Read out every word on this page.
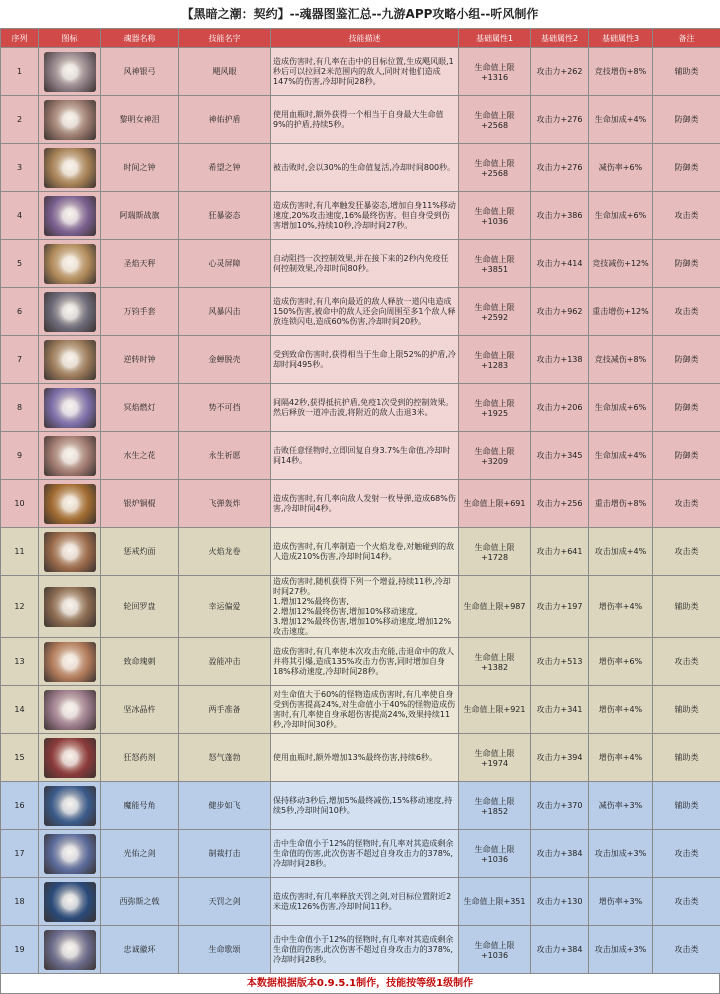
【黑暗之潮：契约】--魂器图鉴汇总--九游APP攻略小组--听风制作
序列	图标	魂器名称	技能名字	技能描述	基础属性1	基础属性2	基础属性3	备注
1		风神银弓	飓风眼	造成伤害时,有几率在击中的目标位置,生成飓风眼,1秒后可以拉回2米范围内的敌人,同时对他们造成147%的伤害,冷却时间28秒。	生命值上限+1316	攻击力+262	竞技增伤+8%	辅助类
2		黎明女神泪	神佑护盾	使用血瓶时,额外获得一个相当于自身最大生命值9%的护盾,持续5秒。	生命值上限+2568	攻击力+276	生命加成+4%	防御类
3		时间之钟	希望之钟	被击败时,会以30%的生命值复活,冷却时间800秒。	生命值上限+2568	攻击力+276	减伤率+6%	防御类
4		阿瑞斯战旗	狂暴姿态	造成伤害时,有几率触发狂暴姿态,增加自身11%移动速度,20%攻击速度,16%最终伤害。但自身受到伤害增加10%,持续10秒,冷却时间27秒。	生命值上限+1036	攻击力+386	生命加成+6%	攻击类
5		圣焰天秤	心灵屏障	自动阻挡一次控制效果,并在接下来的2秒内免疫任何控制效果,冷却时间80秒。	生命值上限+3851	攻击力+414	竞技减伤+12%	防御类
6		万钧手套	风暴闪击	造成伤害时,有几率向最近的敌人释放一道闪电造成150%伤害,被命中的敌人还会向周围至多1个敌人释放连锁闪电,造成60%伤害,冷却时间20秒。	生命值上限+2592	攻击力+962	重击增伤+12%	攻击类
7		逆转时钟	金蝉脱壳	受到致命伤害时,获得相当于生命上限52%的护盾,冷却时间495秒。	生命值上限+1283	攻击力+138	竞技减伤+8%	防御类
8		冥焰燃灯	势不可挡	间隔42秒,获得抵抗护盾,免疫1次受到的控制效果。然后释放一道冲击波,将附近的敌人击退3米。	生命值上限+1925	攻击力+206	生命加成+6%	防御类
9		水生之花	永生祈愿	击败任意怪物时,立即回复自身3.7%生命值,冷却时间14秒。	生命值上限+3209	攻击力+345	生命加成+4%	防御类
10		银炉铜棍	飞弹轰炸	造成伤害时,有几率向敌人发射一枚导弹,造成68%伤害,冷却时间4秒。	生命值上限+691	攻击力+256	重击增伤+8%	攻击类
11		惩戒灼面	火焰龙卷	造成伤害时,有几率制造一个火焰龙卷,对触碰到的敌人造成210%伤害,冷却时间14秒。	生命值上限+1728	攻击力+641	攻击加成+4%	攻击类
12		轮回罗盘	幸运偏爱	造成伤害时,随机获得下列一个增益,持续11秒,冷却时间27秒。
1.增加12%最终伤害,
2.增加12%最终伤害,增加10%移动速度,
3.增加12%最终伤害,增加10%移动速度,增加12%攻击速度。	生命值上限+987	攻击力+197	增伤率+4%	辅助类
13		致命瑰刺	盈能冲击	造成伤害时,有几率使本次攻击充能,击退命中的敌人并将其引爆,造成135%攻击力伤害,同时增加自身18%移动速度,冷却时间28秒。	生命值上限+1382	攻击力+513	增伤率+6%	攻击类
14		坚冰晶杵	两手准备	对生命值大于60%的怪物造成伤害时,有几率使自身受到伤害提高24%,对生命值小于40%的怪物造成伤害时,有几率使自身承超伤害提高24%,效果持续11秒,冷却时间30秒。	生命值上限+921	攻击力+341	增伤率+4%	辅助类
15		狂怒药剂	怒气蓬勃	使用血瓶时,额外增加13%最终伤害,持续6秒。	生命值上限+1974	攻击力+394	增伤率+4%	辅助类
16		魔能号角	健步如飞	保持移动3秒后,增加5%最终减伤,15%移动速度,持续5秒,冷却时间10秒。	生命值上限+1852	攻击力+370	减伤率+3%	辅助类
17		光佑之剑	制裁打击	击中生命值小于12%的怪物时,有几率对其造成剩余生命值的伤害,此次伤害不超过自身攻击力的378%,冷却时间28秒。	生命值上限+1036	攻击力+384	攻击加成+3%	攻击类
18		西弥斯之戟	天罚之剑	造成伤害时,有几率释放天罚之剑,对目标位置附近2米造成126%伤害,冷却时间11秒。	生命值上限+351	攻击力+130	增伤率+3%	攻击类
19		忠诚徽环	生命歌颂	击中生命值小于12%的怪物时,有几率对其造成剩余生命值的伤害,此次伤害不超过自身攻击力的378%,冷却时间28秒。	生命值上限+1036	攻击力+384	攻击加成+3%	攻击类
本数据根据版本0.9.5.1制作，技能按等级1级制作
